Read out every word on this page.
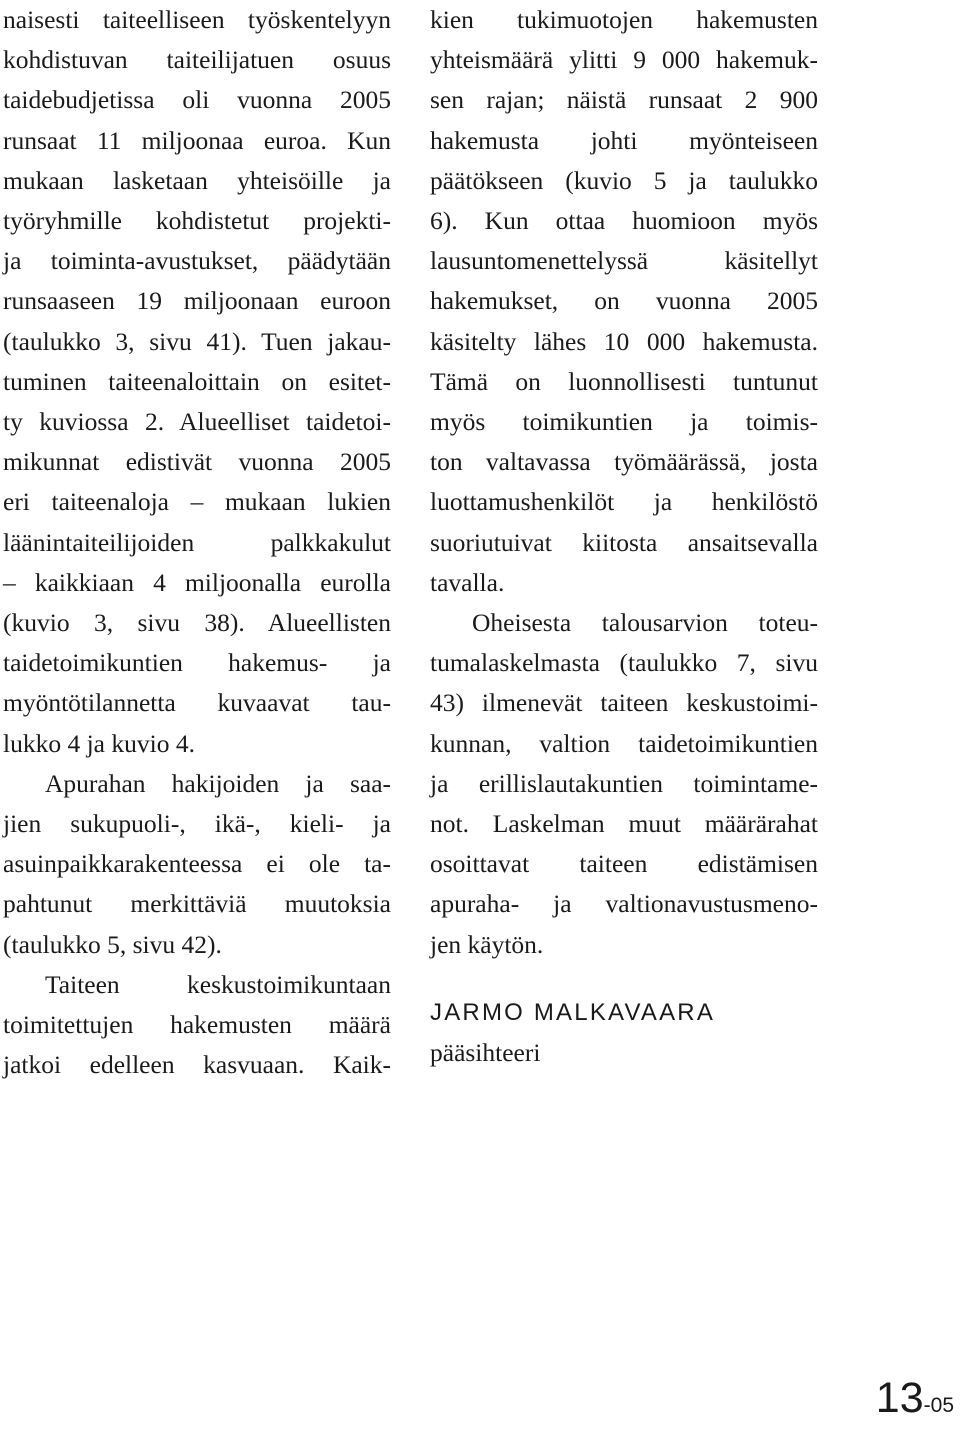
naisesti taiteelliseen työskentelyyn
kohdistuvan taiteilijatuen osuus
taidebudjetissa oli vuonna 2005
runsaat 11 miljoonaa euroa. Kun
mukaan lasketaan yhteisöille ja
työryhmille kohdistetut projekti-
ja toiminta-avustukset, päädytään
runsaaseen 19 miljoonaan euroon
(taulukko 3, sivu 41). Tuen jakau-
tuminen taiteenaloittain on esitet-
ty kuviossa 2. Alueelliset taidetoi-
mikunnat edistivät vuonna 2005
eri taiteenaloja – mukaan lukien
läänintaiteilijoiden palkkakulut
– kaikkiaan 4 miljoonalla eurolla
(kuvio 3, sivu 38). Alueellisten
taidetoimikuntien hakemus- ja
myöntötilannetta kuvaavat tau-
lukko 4 ja kuvio 4.

Apurahan hakijoiden ja saa-
jien sukupuoli-, ikä-, kieli- ja
asuinpaikkarakenteessa ei ole ta-
pahtunut merkittäviä muutoksia
(taulukko 5, sivu 42).

Taiteen keskustoimikuntaan
toimitettujen hakemusten määrä
jatkoi edelleen kasvuaan. Kaik-

kien tukimuotojen hakemusten
yhteismäärä ylitti 9 000 hakemuk-
sen rajan; näistä runsaat 2 900
hakemusta johti myönteiseen
päätökseen (kuvio 5 ja taulukko
6). Kun ottaa huomioon myös
lausuntomenettelyssä käsitellyt
hakemukset, on vuonna 2005
käsitelty lähes 10 000 hakemusta.
Tämä on luonnollisesti tuntunut
myös toimikuntien ja toimis-
ton valtavassa työmäärässä, josta
luottamushenkilöt ja henkilöstö
suoriutuivat kiitosta ansaitsevalla
tavalla.

Oheisesta talousarvion toteu-
tumalaskelmasta (taulukko 7, sivu
43) ilmenevät taiteen keskustoimi-
kunnan, valtion taidetoimikuntien
ja erillislautakuntien toimintame-
not. Laskelman muut määrärahat
osoittavat taiteen edistämisen
apuraha- ja valtionavustusmeno-
jen käytön.

JARMO MALKAVAARA
pääsihteeri
13-05
